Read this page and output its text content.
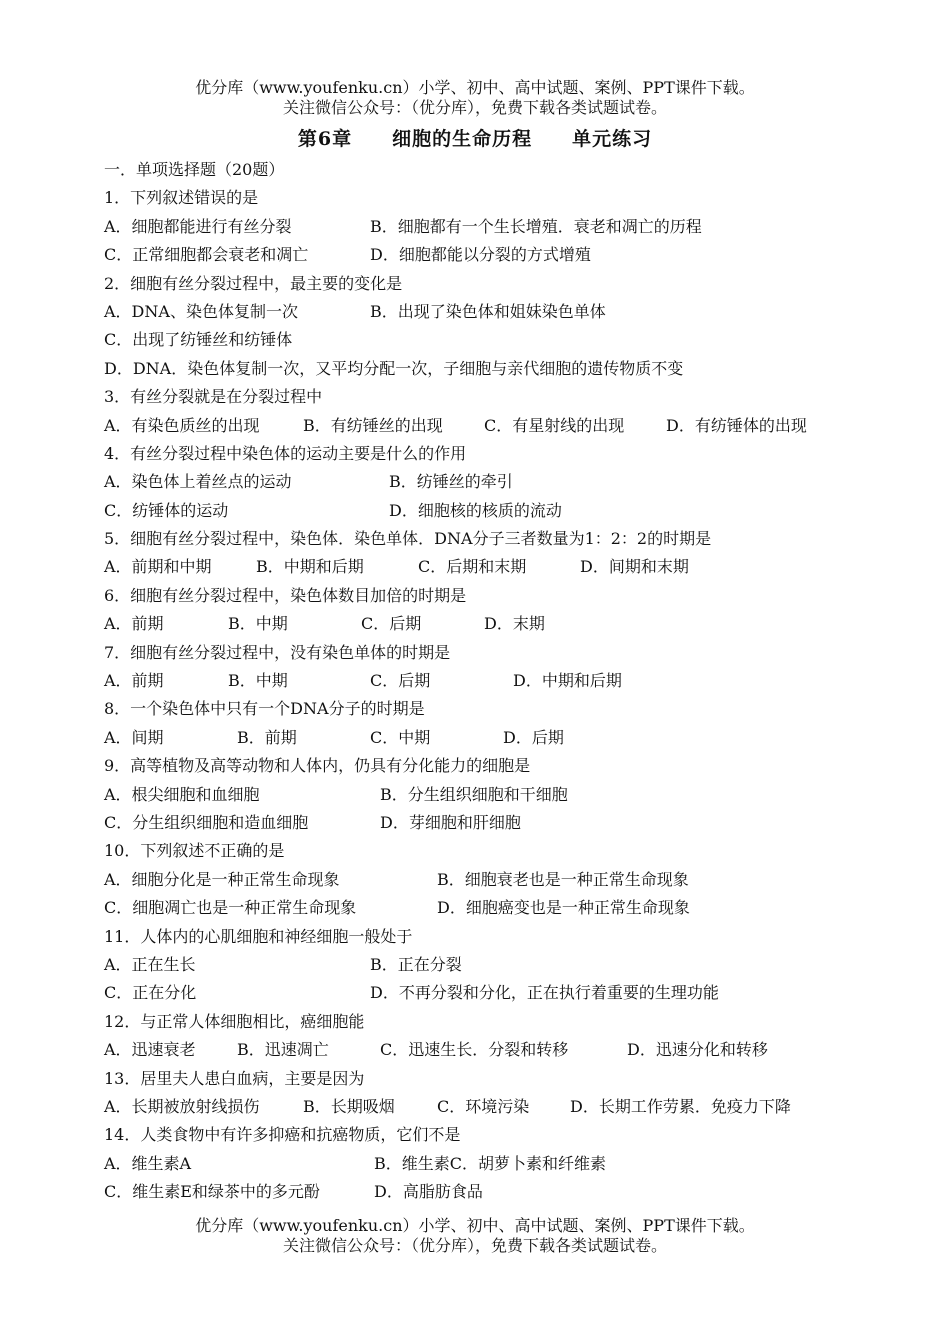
优分库（www.youfenku.cn）小学、初中、高中试题、案例、PPT课件下载。
关注微信公众号：（优分库），免费下载各类试题试卷。
第6章 细胞的生命历程 单元练习
一．单项选择题（20题）
1．下列叙述错误的是
A．细胞都能进行有丝分裂	B．细胞都有一个生长增殖．衰老和凋亡的历程
C．正常细胞都会衰老和凋亡	D．细胞都能以分裂的方式增殖
2．细胞有丝分裂过程中，最主要的变化是
A．DNA、染色体复制一次	B．出现了染色体和姐妹染色单体
C．出现了纺锤丝和纺锤体
D．DNA．染色体复制一次，又平均分配一次，子细胞与亲代细胞的遗传物质不变
3．有丝分裂就是在分裂过程中
A．有染色质丝的出现	B．有纺锤丝的出现	C．有星射线的出现	D．有纺锤体的出现
4．有丝分裂过程中染色体的运动主要是什么的作用
A．染色体上着丝点的运动	B．纺锤丝的牵引
C．纺锤体的运动	D．细胞核的核质的流动
5．细胞有丝分裂过程中，染色体．染色单体．DNA分子三者数量为1：2：2的时期是
A．前期和中期	B．中期和后期	C．后期和末期	D．间期和末期
6．细胞有丝分裂过程中，染色体数目加倍的时期是
A．前期	B．中期	C．后期	D．末期
7．细胞有丝分裂过程中，没有染色单体的时期是
A．前期	B．中期	C．后期	D．中期和后期
8．一个染色体中只有一个DNA分子的时期是
A．间期	B．前期	C．中期	D．后期
9．高等植物及高等动物和人体内，仍具有分化能力的细胞是
A．根尖细胞和血细胞	B．分生组织细胞和干细胞
C．分生组织细胞和造血细胞	D．芽细胞和肝细胞
10．下列叙述不正确的是
A．细胞分化是一种正常生命现象	B．细胞衰老也是一种正常生命现象
C．细胞凋亡也是一种正常生命现象	D．细胞癌变也是一种正常生命现象
11．人体内的心肌细胞和神经细胞一般处于
A．正在生长	B．正在分裂
C．正在分化	D．不再分裂和分化，正在执行着重要的生理功能
12．与正常人体细胞相比，癌细胞能
A．迅速衰老	B．迅速凋亡	C．迅速生长．分裂和转移	D．迅速分化和转移
13．居里夫人患白血病，主要是因为
A．长期被放射线损伤	B．长期吸烟	C．环境污染	D．长期工作劳累．免疫力下降
14．人类食物中有许多抑癌和抗癌物质，它们不是
A．维生素A	B．维生素C．胡萝卜素和纤维素
C．维生素E和绿茶中的多元酚	D．高脂肪食品
优分库（www.youfenku.cn）小学、初中、高中试题、案例、PPT课件下载。
关注微信公众号：（优分库），免费下载各类试题试卷。
